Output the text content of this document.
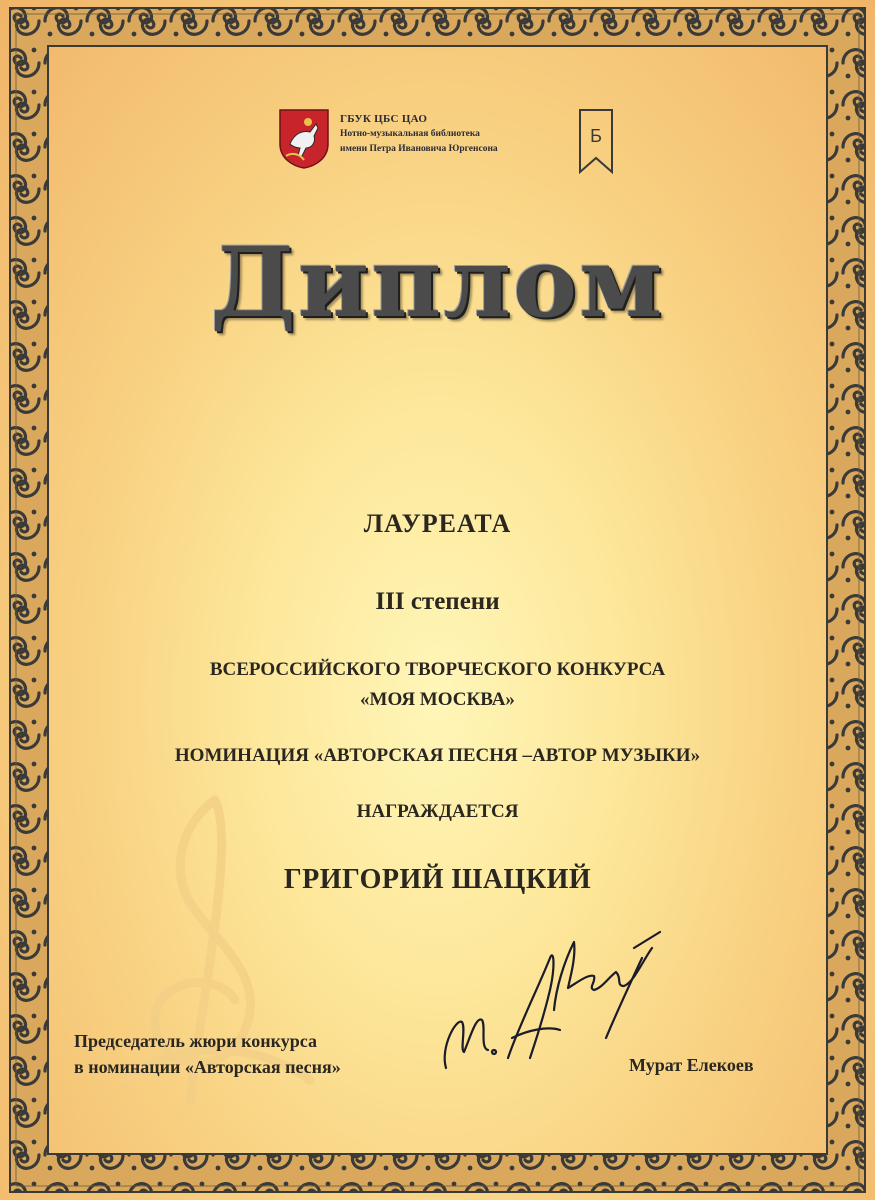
ГБУК ЦБС ЦАО
Нотно-музыкальная библиотека
имени Петра Ивановича Юргенсона
Б
Диплом
ЛАУРЕАТА
III степени
ВСЕРОССИЙСКОГО ТВОРЧЕСКОГО КОНКУРСА
«МОЯ МОСКВА»
НОМИНАЦИЯ «АВТОРСКАЯ ПЕСНЯ –АВТОР МУЗЫКИ»
НАГРАЖДАЕТСЯ
ГРИГОРИЙ ШАЦКИЙ
Председатель жюри конкурса
в номинации «Авторская песня»	Мурат Елекоев
